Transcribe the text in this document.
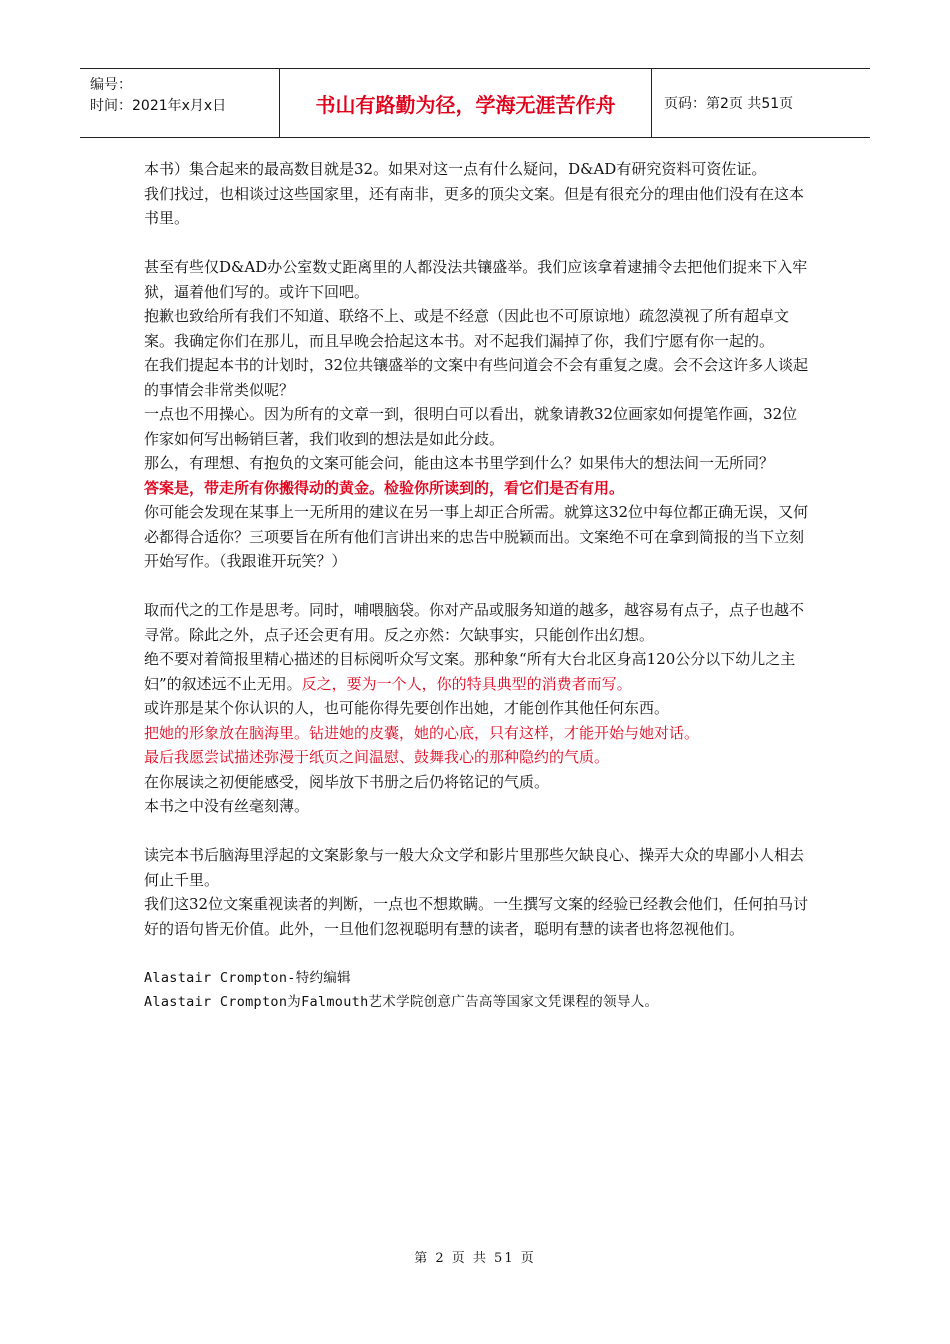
编号：
时间：2021年x月x日	书山有路勤为径，学海无涯苦作舟	页码：第2页 共51页

本书）集合起来的最高数目就是32。如果对这一点有什么疑问，D&AD有研究资料可资佐证。

我们找过，也相谈过这些国家里，还有南非，更多的顶尖文案。但是有很充分的理由他们没有在这本书里。

甚至有些仅D&AD办公室数丈距离里的人都没法共镶盛举。我们应该拿着逮捕令去把他们捉来下入牢狱，逼着他们写的。或许下回吧。

抱歉也致给所有我们不知道、联络不上、或是不经意（因此也不可原谅地）疏忽漠视了所有超卓文案。我确定你们在那儿，而且早晚会拾起这本书。对不起我们漏掉了你，我们宁愿有你一起的。

在我们提起本书的计划时，32位共镶盛举的文案中有些问道会不会有重复之虞。会不会这许多人谈起的事情会非常类似呢？

一点也不用操心。因为所有的文章一到，很明白可以看出，就象请教32位画家如何提笔作画，32位作家如何写出畅销巨著，我们收到的想法是如此分歧。

那么，有理想、有抱负的文案可能会问，能由这本书里学到什么？如果伟大的想法间一无所同？

答案是，带走所有你搬得动的黄金。检验你所读到的，看它们是否有用。

你可能会发现在某事上一无所用的建议在另一事上却正合所需。就算这32位中每位都正确无误，又何必都得合适你？三项要旨在所有他们言讲出来的忠告中脱颖而出。文案绝不可在拿到简报的当下立刻开始写作。（我跟谁开玩笑？）

取而代之的工作是思考。同时，哺喂脑袋。你对产品或服务知道的越多，越容易有点子，点子也越不寻常。除此之外，点子还会更有用。反之亦然：欠缺事实，只能创作出幻想。

绝不要对着简报里精心描述的目标阅听众写文案。那种象“所有大台北区身高120公分以下幼儿之主妇”的叙述远不止无用。反之，要为一个人，你的特具典型的消费者而写。

或许那是某个你认识的人，也可能你得先要创作出她，才能创作其他任何东西。

把她的形象放在脑海里。钻进她的皮囊，她的心底，只有这样，才能开始与她对话。

最后我愿尝试描述弥漫于纸页之间温慰、鼓舞我心的那种隐约的气质。

在你展读之初便能感受，阅毕放下书册之后仍将铭记的气质。

本书之中没有丝毫刻薄。

读完本书后脑海里浮起的文案影象与一般大众文学和影片里那些欠缺良心、操弄大众的卑鄙小人相去何止千里。

我们这32位文案重视读者的判断，一点也不想欺瞒。一生撰写文案的经验已经教会他们，任何拍马讨好的语句皆无价值。此外，一旦他们忽视聪明有慧的读者，聪明有慧的读者也将忽视他们。

Alastair Crompton-特约编辑

Alastair Crompton为Falmouth艺术学院创意广告高等国家文凭课程的领导人。

第 2 页 共 51 页
